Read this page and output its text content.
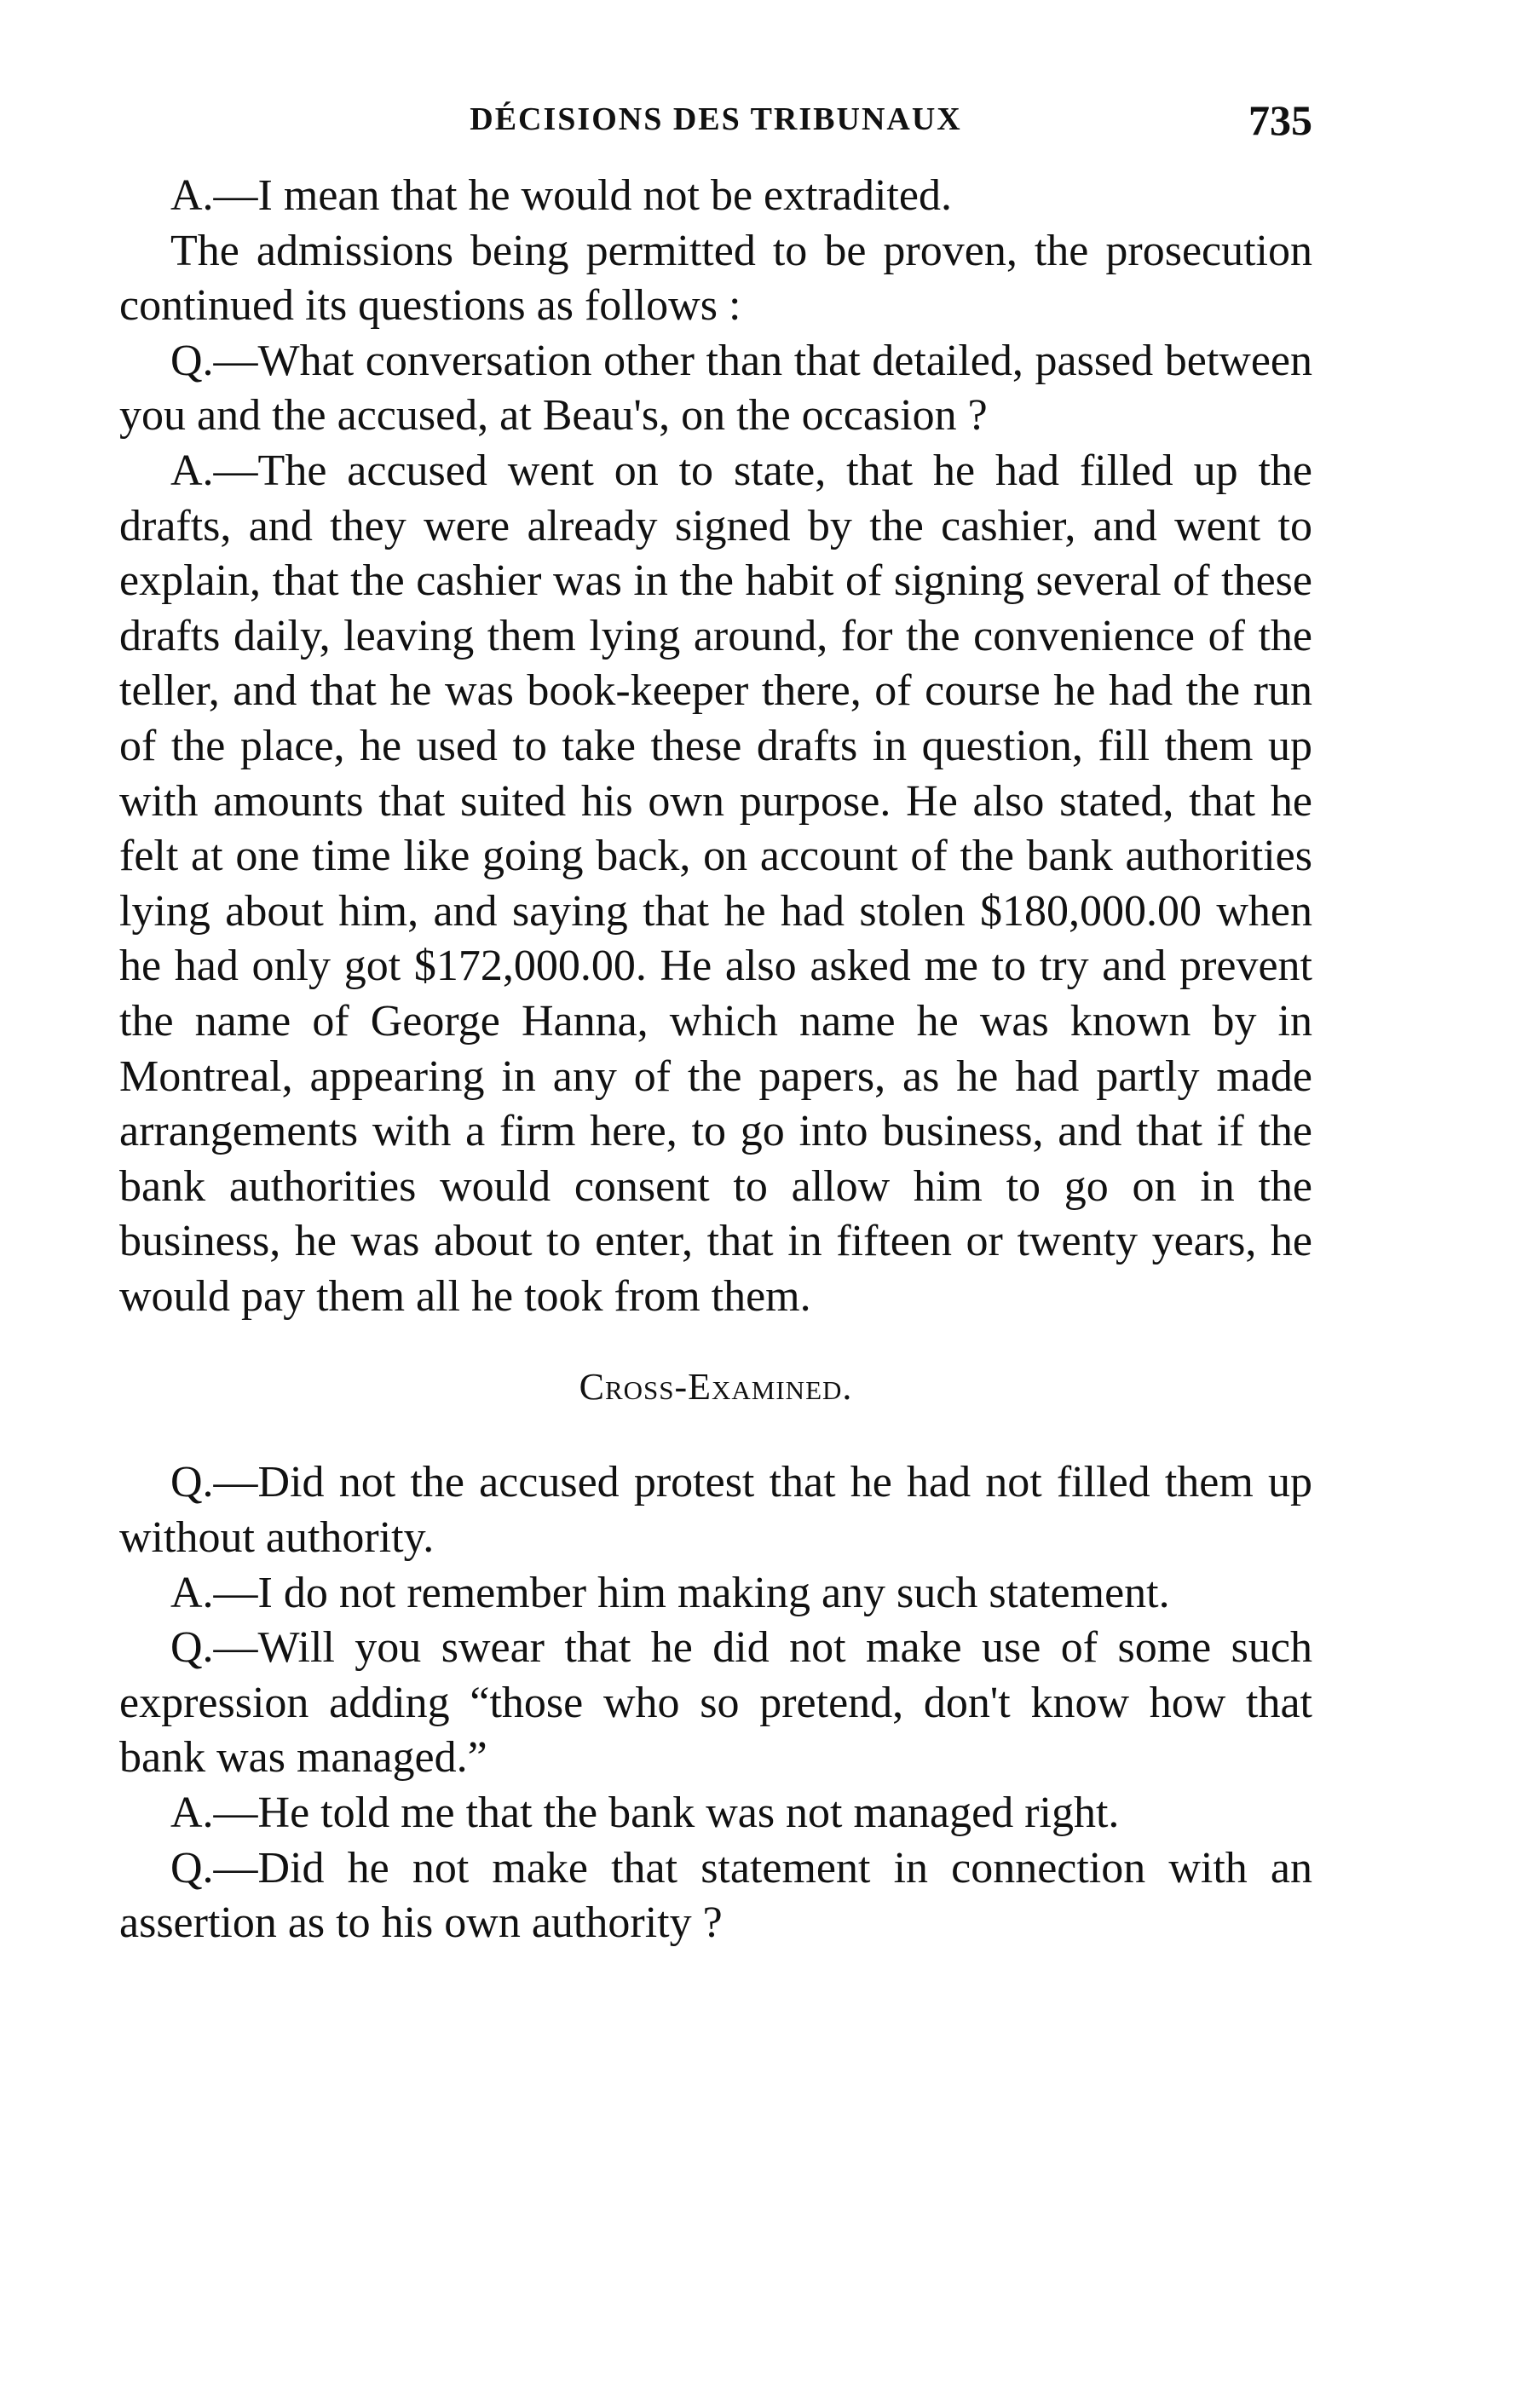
DÉCISIONS DES TRIBUNAUX	735

A.—I mean that he would not be extradited.

The admissions being permitted to be proven, the prosecution continued its questions as follows :

Q.—What conversation other than that detailed, passed between you and the accused, at Beau's, on the occasion ?

A.—The accused went on to state, that he had filled up the drafts, and they were already signed by the cashier, and went to explain, that the cashier was in the habit of signing several of these drafts daily, leaving them lying around, for the convenience of the teller, and that he was book-keeper there, of course he had the run of the place, he used to take these drafts in question, fill them up with amounts that suited his own purpose. He also stated, that he felt at one time like going back, on account of the bank authorities lying about him, and saying that he had stolen $180,000.00 when he had only got $172,000.00. He also asked me to try and prevent the name of George Hanna, which name he was known by in Montreal, appearing in any of the papers, as he had partly made arrangements with a firm here, to go into business, and that if the bank authorities would consent to allow him to go on in the business, he was about to enter, that in fifteen or twenty years, he would pay them all he took from them.

Cross-Examined.

Q.—Did not the accused protest that he had not filled them up without authority.

A.—I do not remember him making any such statement.

Q.—Will you swear that he did not make use of some such expression adding “those who so pretend, don't know how that bank was managed.”

A.—He told me that the bank was not managed right.

Q.—Did he not make that statement in connection with an assertion as to his own authority ?
